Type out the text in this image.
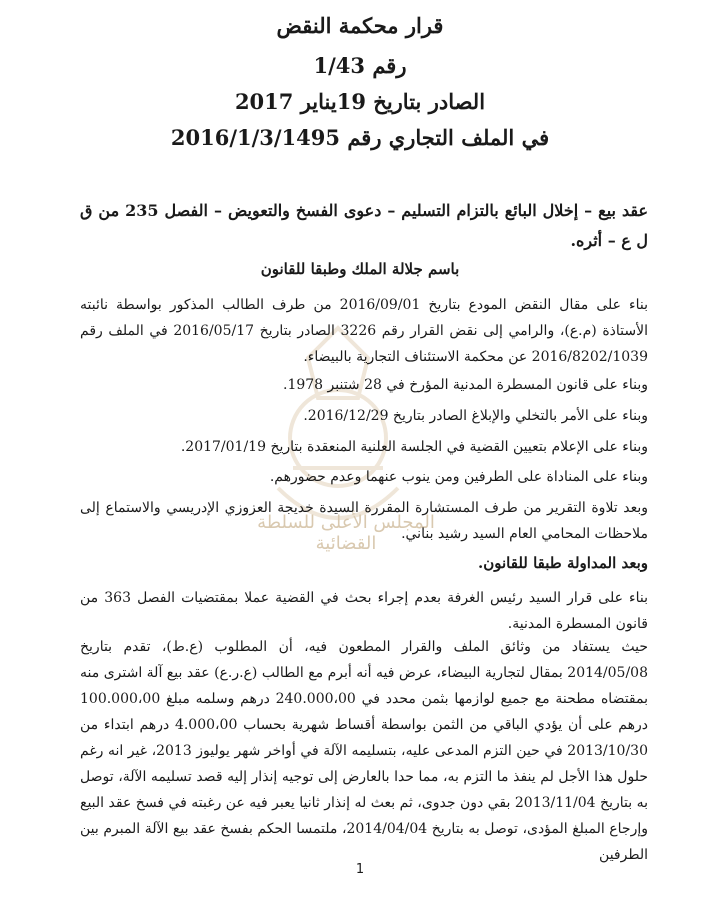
المجلس الأعلى للسلطة القضائية
قرار محكمة النقض
رقم 1/43
الصادر بتاريخ 19يناير 2017
في الملف التجاري رقم 2016/1/3/1495
عقد بيع – إخلال البائع بالتزام التسليم – دعوى الفسخ والتعويض – الفصل 235 من ق ل ع – أثره.
باسم جلالة الملك وطبقا للقانون
بناء على مقال النقض المودع بتاريخ 2016/09/01 من طرف الطالب المذكور بواسطة نائبته الأستاذة (م.ع)، والرامي إلى نقض القرار رقم 3226 الصادر بتاريخ 2016/05/17 في الملف رقم 2016/8202/1039 عن محكمة الاستئناف التجارية بالبيضاء.
وبناء على قانون المسطرة المدنية المؤرخ في 28 شتنبر 1978.
وبناء على الأمر بالتخلي والإبلاغ الصادر بتاريخ 2016/12/29.
وبناء على الإعلام بتعيين القضية في الجلسة العلنية المنعقدة بتاريخ 2017/01/19.
وبناء على المناداة على الطرفين ومن ينوب عنهما وعدم حضورهم.
وبعد تلاوة التقرير من طرف المستشارة المقررة السيدة خديجة العزوزي الإدريسي والاستماع إلى ملاحظات المحامي العام السيد رشيد بناني.
وبعد المداولة طبقا للقانون.
بناء على قرار السيد رئيس الغرفة بعدم إجراء بحث في القضية عملا بمقتضيات الفصل 363 من قانون المسطرة المدنية.
حيث يستفاد من وثائق الملف والقرار المطعون فيه، أن المطلوب (ع.ط)، تقدم بتاريخ 2014/05/08 بمقال لتجارية البيضاء، عرض فيه أنه أبرم مع الطالب (ع.ر.ع) عقد بيع آلة اشترى منه بمقتضاه مطحنة مع جميع لوازمها بثمن محدد في 240.000،00 درهم وسلمه مبلغ 100.000،00 درهم على أن يؤدي الباقي من الثمن بواسطة أقساط شهرية بحساب 4.000،00 درهم ابتداء من 2013/10/30 في حين التزم المدعى عليه، بتسليمه الآلة في أواخر شهر يوليوز 2013، غير انه رغم حلول هذا الأجل لم ينفذ ما التزم به، مما حدا بالعارض إلى توجيه إنذار إليه قصد تسليمه الآلة، توصل به بتاريخ 2013/11/04 بقي دون جدوى، ثم بعث له إنذار ثانيا يعبر فيه عن رغبته في فسخ عقد البيع وإرجاع المبلغ المؤدى، توصل به بتاريخ 2014/04/04، ملتمسا الحكم بفسخ عقد بيع الآلة المبرم بين الطرفين
1
